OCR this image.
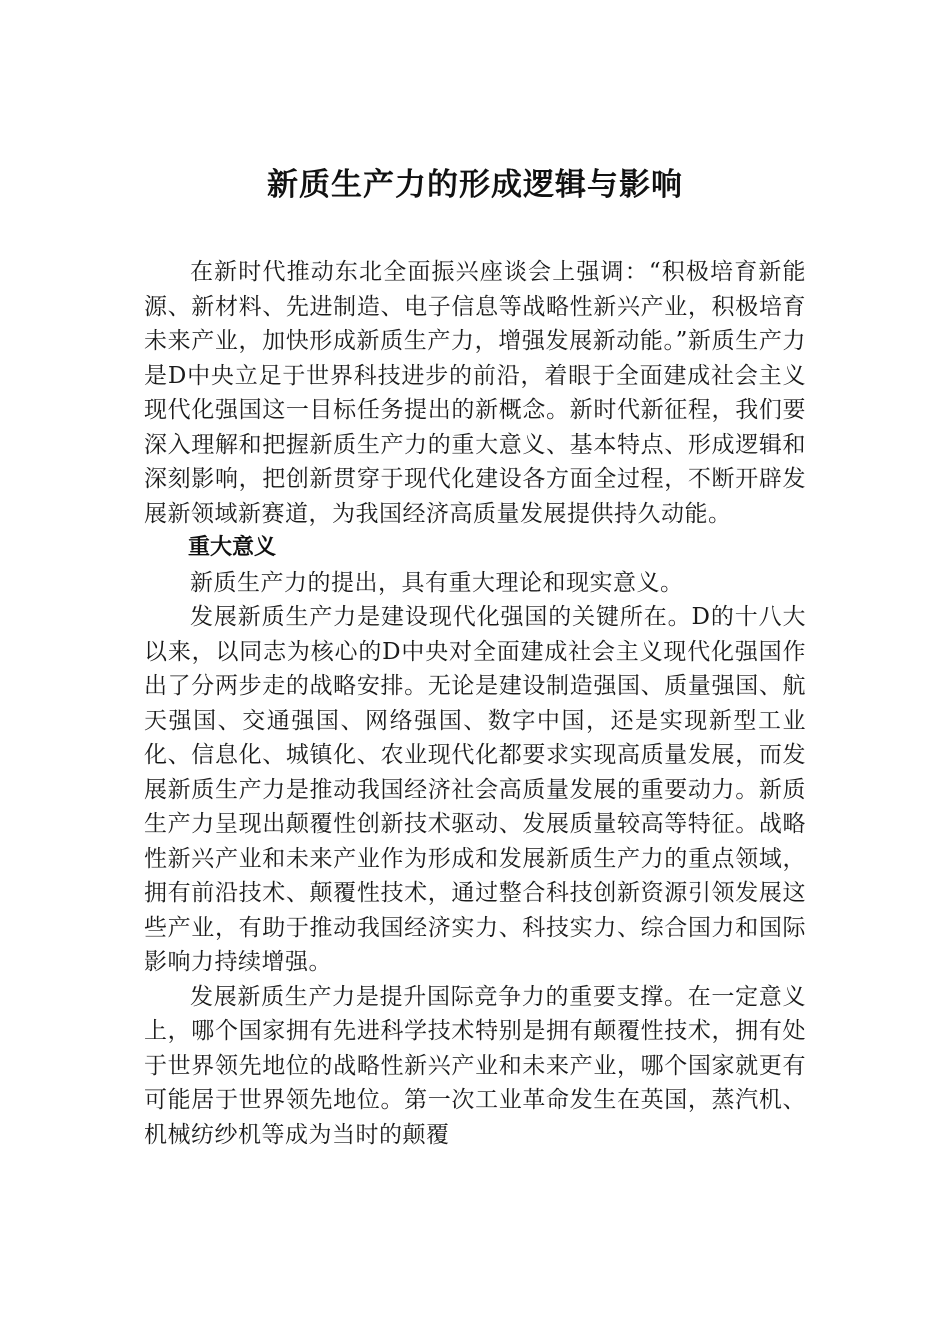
新质生产力的形成逻辑与影响

在新时代推动东北全面振兴座谈会上强调：“积极培育新能源、新材料、先进制造、电子信息等战略性新兴产业，积极培育未来产业，加快形成新质生产力，增强发展新动能。”新质生产力是D中央立足于世界科技进步的前沿，着眼于全面建成社会主义现代化强国这一目标任务提出的新概念。新时代新征程，我们要深入理解和把握新质生产力的重大意义、基本特点、形成逻辑和深刻影响，把创新贯穿于现代化建设各方面全过程，不断开辟发展新领域新赛道，为我国经济高质量发展提供持久动能。

重大意义

新质生产力的提出，具有重大理论和现实意义。

发展新质生产力是建设现代化强国的关键所在。D的十八大以来，以同志为核心的D中央对全面建成社会主义现代化强国作出了分两步走的战略安排。无论是建设制造强国、质量强国、航天强国、交通强国、网络强国、数字中国，还是实现新型工业化、信息化、城镇化、农业现代化都要求实现高质量发展，而发展新质生产力是推动我国经济社会高质量发展的重要动力。新质生产力呈现出颠覆性创新技术驱动、发展质量较高等特征。战略性新兴产业和未来产业作为形成和发展新质生产力的重点领域，拥有前沿技术、颠覆性技术，通过整合科技创新资源引领发展这些产业，有助于推动我国经济实力、科技实力、综合国力和国际影响力持续增强。

发展新质生产力是提升国际竞争力的重要支撑。在一定意义上，哪个国家拥有先进科学技术特别是拥有颠覆性技术，拥有处于世界领先地位的战略性新兴产业和未来产业，哪个国家就更有可能居于世界领先地位。第一次工业革命发生在英国，蒸汽机、机械纺纱机等成为当时的颠覆
